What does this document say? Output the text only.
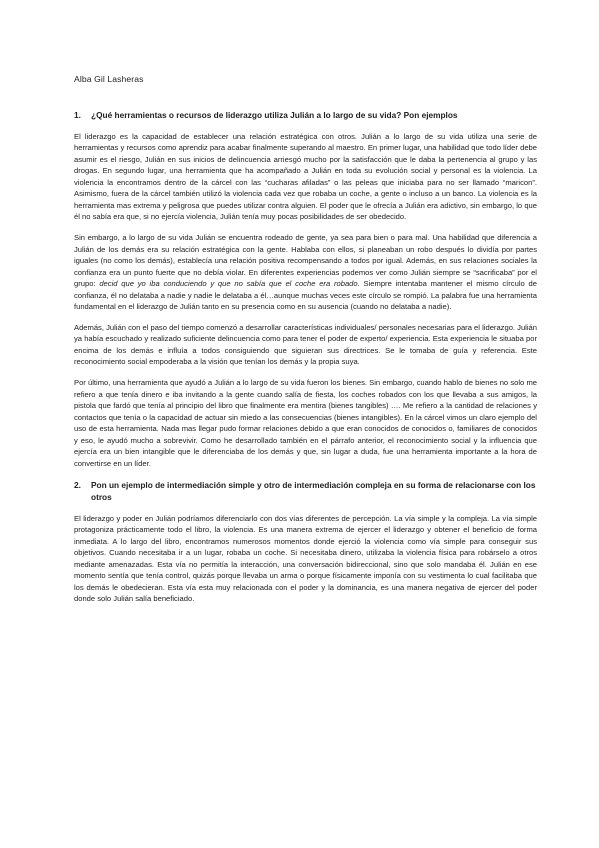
Alba Gil Lasheras
1.	¿Qué herramientas o recursos de liderazgo utiliza Julián a lo largo de su vida? Pon ejemplos

El liderazgo es la capacidad de establecer una relación estratégica con otros. Julián a lo largo de su vida utiliza una serie de herramientas y recursos como aprendiz para acabar finalmente superando al maestro. En primer lugar, una habilidad que todo líder debe asumir es el riesgo, Julián en sus inicios de delincuencia arriesgó mucho por la satisfacción que le daba la pertenencia al grupo y las drogas. En segundo lugar, una herramienta que ha acompañado a Julián en toda su evolución social y personal es la violencia. La violencia la encontramos dentro de la cárcel con las “cucharas afiladas” o las peleas que iniciaba para no ser llamado “maricon”. Asimismo, fuera de la cárcel también utilizó la violencia cada vez que robaba un coche, a gente o incluso a un banco. La violencia es la herramienta mas extrema y peligrosa que puedes utilizar contra alguien. El poder que le ofrecía a Julián era adictivo, sin embargo, lo que él no sabía era que, si no ejercía violencia, Julián tenía muy pocas posibilidades de ser obedecido.

Sin embargo, a lo largo de su vida Julián se encuentra rodeado de gente, ya sea para bien o para mal. Una habilidad que diferencia a Julián de los demás era su relación estratégica con la gente. Hablaba con ellos, si planeaban un robo después lo dividía por partes iguales (no como los demás), establecía una relación positiva recompensando a todos por igual. Además, en sus relaciones sociales la confianza era un punto fuerte que no debía violar. En diferentes experiencias podemos ver como Julián siempre se “sacrificaba” por el grupo: decid que yo iba conduciendo y que no sabía que el coche era robado. Siempre intentaba mantener el mismo círculo de confianza, él no delataba a nadie y nadie le delataba a él…aunque muchas veces este círculo se rompió. La palabra fue una herramienta fundamental en el liderazgo de Julián tanto en su presencia como en su ausencia (cuando no delataba a nadie).

Además, Julián con el paso del tiempo comenzó a desarrollar características individuales/ personales necesarias para el liderazgo. Julián ya había escuchado y realizado suficiente delincuencia como para tener el poder de experto/ experiencia. Esta experiencia le situaba por encima de los demás e influía a todos consiguiendo que siguieran sus directrices. Se le tomaba de guía y referencia. Este reconocimiento social empoderaba a la visión que tenían los demás y la propia suya.

Por último, una herramienta que ayudó a Julián a lo largo de su vida fueron los bienes. Sin embargo, cuando hablo de bienes no solo me refiero a que tenía dinero e iba invitando a la gente cuando salía de fiesta, los coches robados con los que llevaba a sus amigos, la pistola que fardó que tenía al principio del libro que finalmente era mentira (bienes tangibles) …. Me refiero a la cantidad de relaciones y contactos que tenía o la capacidad de actuar sin miedo a las consecuencias (bienes intangibles). En la cárcel vimos un claro ejemplo del uso de esta herramienta. Nada mas llegar pudo formar relaciones debido a que eran conocidos de conocidos o, familiares de conocidos y eso, le ayudó mucho a sobrevivir. Como he desarrollado también en el párrafo anterior, el reconocimiento social y la influencia que ejercía era un bien intangible que le diferenciaba de los demás y que, sin lugar a duda, fue una herramienta importante a la hora de convertirse en un líder.

2.	Pon un ejemplo de intermediación simple y otro de intermediación compleja en su forma de relacionarse con los otros

El liderazgo y poder en Julián podríamos diferenciarlo con dos vías diferentes de percepción. La vía simple y la compleja. La vía simple protagoniza prácticamente todo el libro, la violencia. Es una manera extrema de ejercer el liderazgo y obtener el beneficio de forma inmediata. A lo largo del libro, encontramos numerosos momentos donde ejerció la violencia como vía simple para conseguir sus objetivos. Cuando necesitaba ir a un lugar, robaba un coche. Si necesitaba dinero, utilizaba la violencia física para robárselo a otros mediante amenazadas. Esta vía no permitía la interacción, una conversación bidireccional, sino que solo mandaba él. Julián en ese momento sentía que tenía control, quizás porque llevaba un arma o porque físicamente imponía con su vestimenta lo cual facilitaba que los demás le obedecieran. Esta vía esta muy relacionada con el poder y la dominancia, es una manera negativa de ejercer del poder donde solo Julián salía beneficiado.
